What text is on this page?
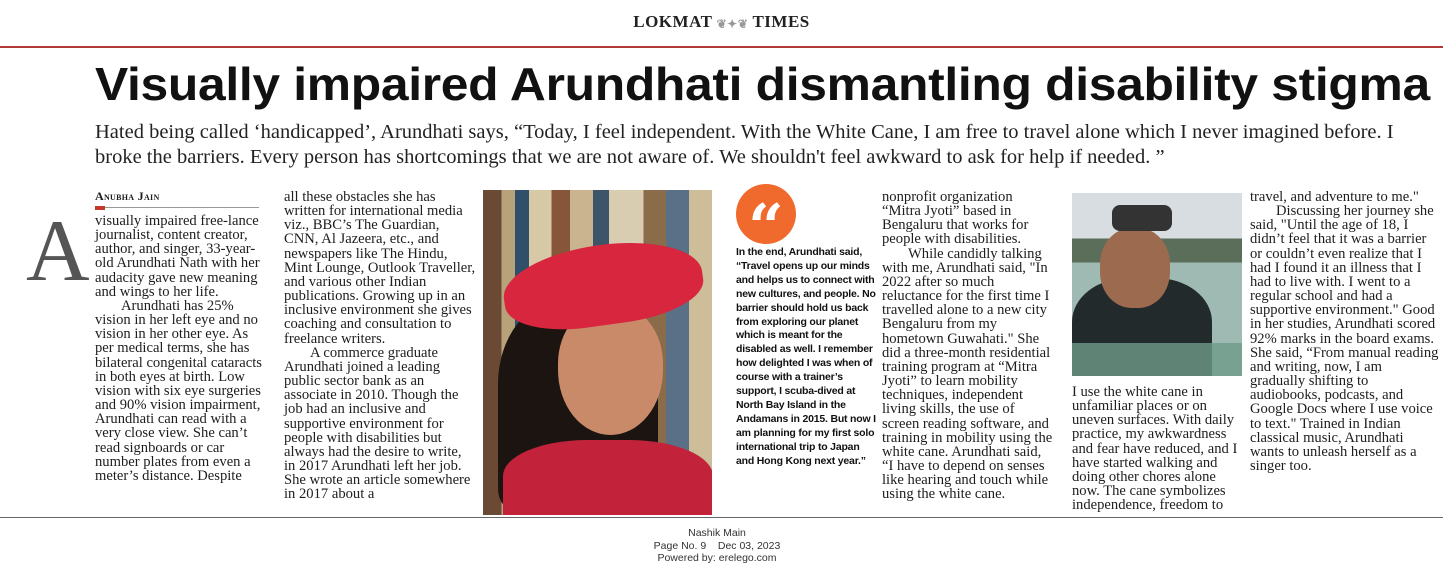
LOKMAT ❦✦❦ TIMES
Visually impaired Arundhati dismantling disability stigma
Hated being called ‘handicapped’, Arundhati says, “Today, I feel independent. With the White Cane, I am free to travel alone which I never imagined before. I broke the barriers. Every person has shortcomings that we are not aware of. We shouldn't feel awkward to ask for help if needed. ”
Anubha Jain
A visually impaired free-lance journalist, content creator, author, and singer, 33-year-old Arundhati Nath with her audacity gave new meaning and wings to her life.

Arundhati has 25% vision in her left eye and no vision in her other eye. As per medical terms, she has bilateral congenital cataracts in both eyes at birth. Low vision with six eye surgeries and 90% vision impairment, Arundhati can read with a very close view. She can’t read signboards or car number plates from even a meter’s distance. Despite

all these obstacles she has written for international media viz., BBC’s The Guardian, CNN, Al Jazeera, etc., and newspapers like The Hindu, Mint Lounge, Outlook Traveller, and various other Indian publications. Growing up in an inclusive environment she gives coaching and consultation to freelance writers.

A commerce graduate Arundhati joined a leading public sector bank as an associate in 2010. Though the job had an inclusive and supportive environment for people with disabilities but always had the desire to write, in 2017 Arundhati left her job. She wrote an article somewhere in 2017 about a

“
In the end, Arundhati said, “Travel opens up our minds and helps us to connect with new cultures, and people. No barrier should hold us back from exploring our planet which is meant for the disabled as well. I remember how delighted I was when of course with a trainer’s support, I scuba-dived at North Bay Island in the Andamans in 2015. But now I am planning for my first solo international trip to Japan and Hong Kong next year.”

nonprofit organization “Mitra Jyoti” based in Bengaluru that works for people with disabilities.

While candidly talking with me, Arundhati said, "In 2022 after so much reluctance for the first time I travelled alone to a new city Bengaluru from my hometown Guwahati." She did a three-month residential training program at “Mitra Jyoti” to learn mobility techniques, independent living skills, the use of screen reading software, and training in mobility using the white cane. Arundhati said, “I have to depend on senses like hearing and touch while using the white cane.

I use the white cane in unfamiliar places or on uneven surfaces. With daily practice, my awkwardness and fear have reduced, and I have started walking and doing other chores alone now. The cane symbolizes independence, freedom to

travel, and adventure to me."

Discussing her journey she said, "Until the age of 18, I didn’t feel that it was a barrier or couldn’t even realize that I had I found it an illness that I had to live with. I went to a regular school and had a supportive environment." Good in her studies, Arundhati scored 92% marks in the board exams. She said, “From manual reading and writing, now, I am gradually shifting to audiobooks, podcasts, and Google Docs where I use voice to text." Trained in Indian classical music, Arundhati wants to unleash herself as a singer too.

Nashik Main
Page No. 9    Dec 03, 2023
Powered by: erelego.com
